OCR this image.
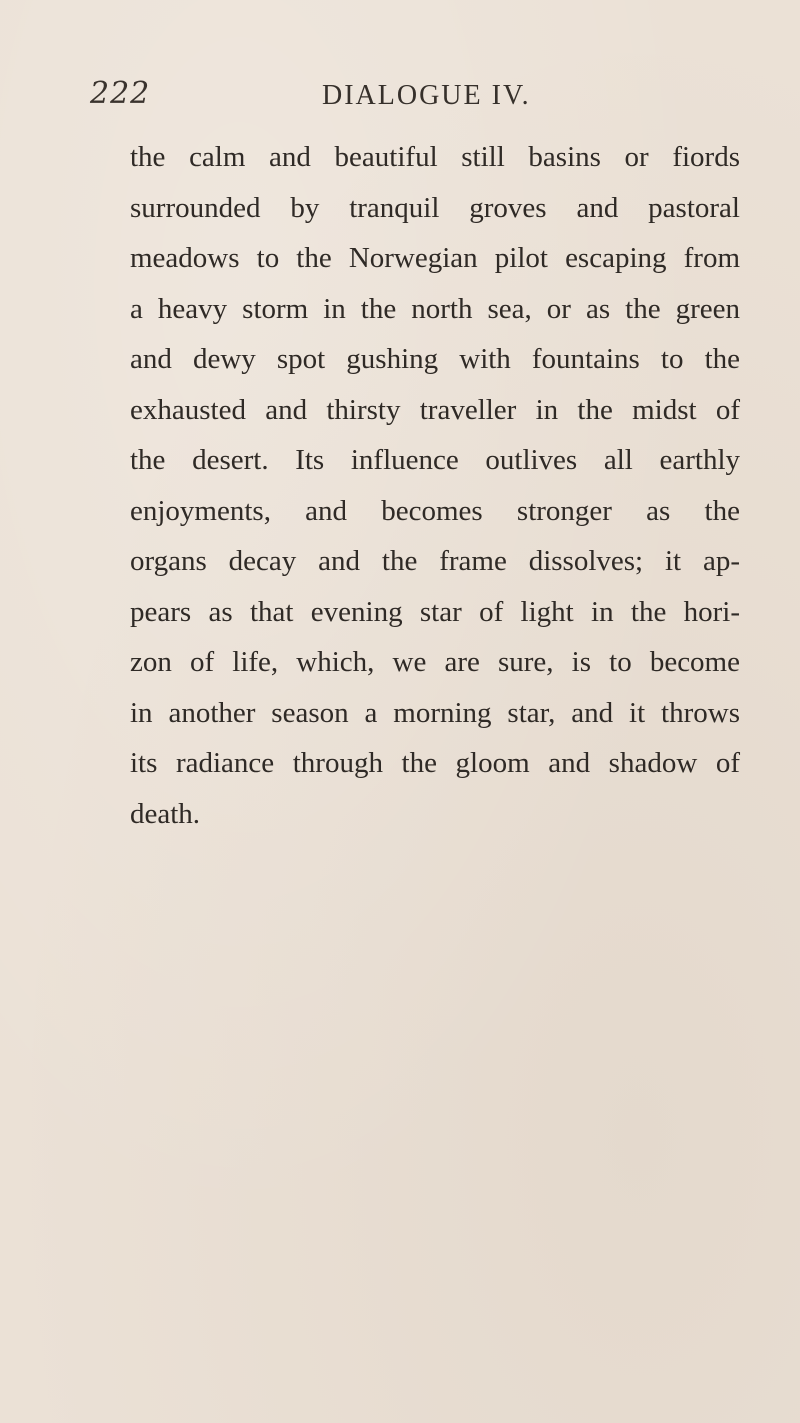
222	DIALOGUE IV.
the calm and beautiful still basins or fiords
surrounded by tranquil groves and pastoral
meadows to the Norwegian pilot escaping from
a heavy storm in the north sea, or as the green
and dewy spot gushing with fountains to the
exhausted and thirsty traveller in the midst of
the desert. Its influence outlives all earthly
enjoyments, and becomes stronger as the
organs decay and the frame dissolves; it ap-
pears as that evening star of light in the hori-
zon of life, which, we are sure, is to become
in another season a morning star, and it throws
its radiance through the gloom and shadow of
death.
